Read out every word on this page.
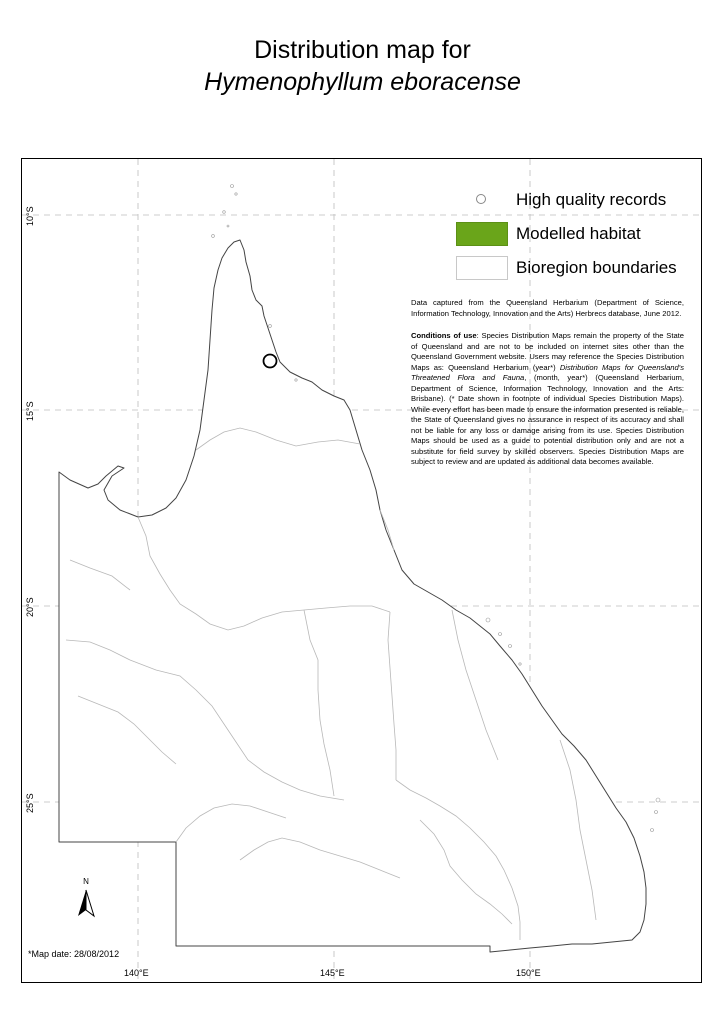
Distribution map for
Hymenophyllum eboracense
High quality records
Modelled habitat
Bioregion boundaries

Data captured from the Queensland Herbarium (Department of Science, Information Technology, Innovation and the Arts) Herbrecs database, June 2012.

Conditions of use: Species Distribution Maps remain the property of the State of Queensland and are not to be included on internet sites other than the Queensland Government website. Users may reference the Species Distribution Maps as: Queensland Herbarium (year*) Distribution Maps for Queensland's Threatened Flora and Fauna, (month, year*) (Queensland Herbarium, Department of Science, Information Technology, Innovation and the Arts: Brisbane). (* Date shown in footnote of individual Species Distribution Maps). While every effort has been made to ensure the information presented is reliable, the State of Queensland gives no assurance in respect of its accuracy and shall not be liable for any loss or damage arising from its use. Species Distribution Maps should be used as a guide to potential distribution only and are not a substitute for field survey by skilled observers. Species Distribution Maps are subject to review and are updated as additional data becomes available.

10°S
15°S
20°S
25°S
140°E	145°E	150°E
N
*Map date: 28/08/2012
